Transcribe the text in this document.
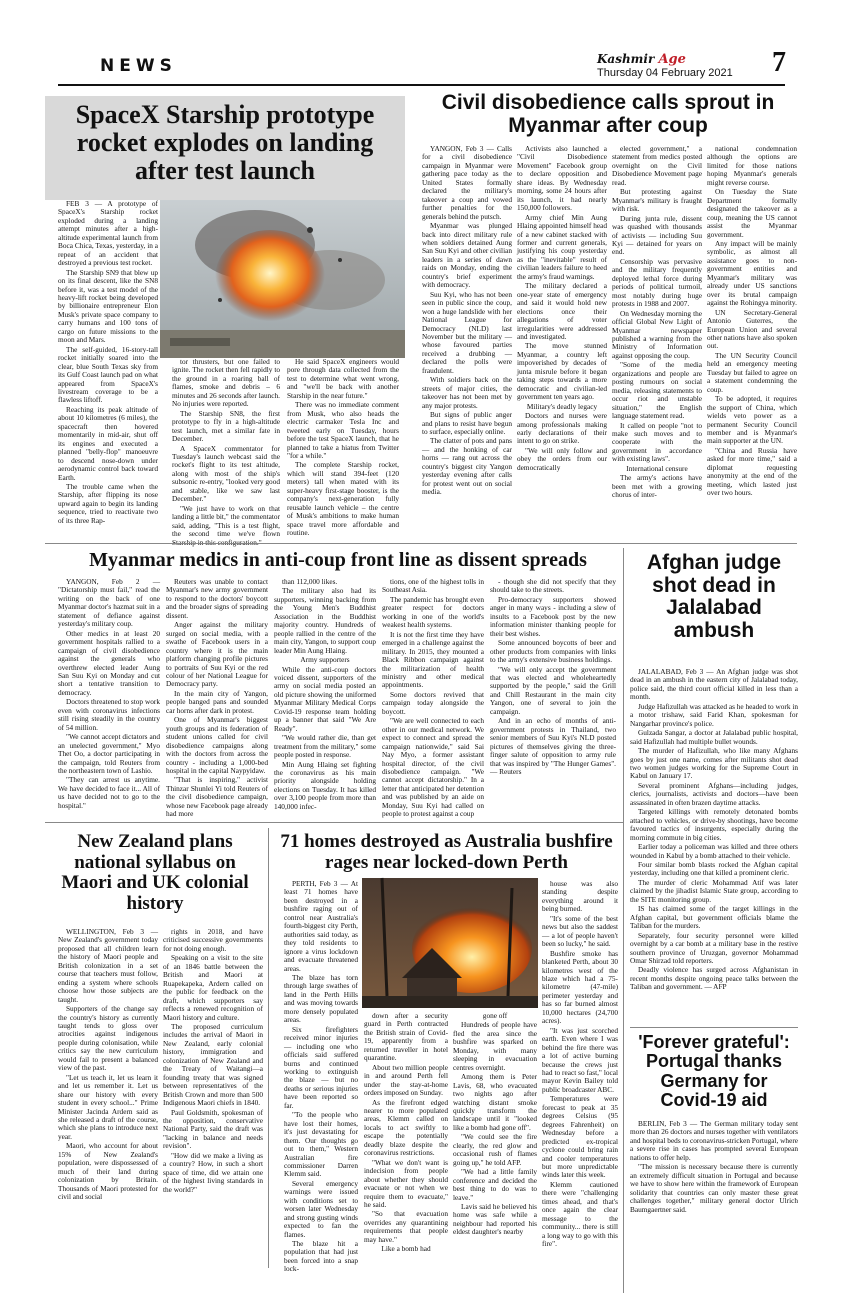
NEWS	Kashmir Age
Thursday 04 February 2021 7
SpaceX Starship prototype rocket explodes on landing after test launch

FEB 3 — A prototype of SpaceX's Starship rocket exploded during a landing attempt minutes after a high-altitude experimental launch from Boca Chica, Texas, yesterday, in a repeat of an accident that destroyed a previous test rocket.

The Starship SN9 that blew up on its final descent, like the SN8 before it, was a test model of the heavy-lift rocket being developed by billionaire entrepreneur Elon Musk's private space company to carry humans and 100 tons of cargo on future missions to the moon and Mars.

The self-guided, 16-story-tall rocket initially soared into the clear, blue South Texas sky from its Gulf Coast launch pad on what appeared from SpaceX's livestream coverage to be a flawless liftoff.

Reaching its peak altitude of about 10 kilometres (6 miles), the spacecraft then hovered momentarily in mid-air, shut off its engines and executed a planned "belly-flop" manoeuvre to descend nose-down under aerodynamic control back toward Earth.

The trouble came when the Starship, after flipping its nose upward again to begin its landing sequence, tried to reactivate two of its three Rap-

tor thrusters, but one failed to ignite. The rocket then fell rapidly to the ground in a roaring ball of flames, smoke and debris – 6 minutes and 26 seconds after launch. No injuries were reported.

The Starship SN8, the first prototype to fly in a high-altitude test launch, met a similar fate in December.

A SpaceX commentator for Tuesday's launch webcast said the rocket's flight to its test altitude, along with most of the ship's subsonic re-entry, "looked very good and stable, like we saw last December."

"We just have to work on that landing a little bit," the commentator said, adding, "This is a test flight, the second time we've flown

He said SpaceX engineers would pore through data collected from the test to determine what went wrong, and "we'll be back with another Starship in the near future."

There was no immediate comment from Musk, who also heads the electric carmaker Tesla Inc and tweeted early on Tuesday, hours before the test SpaceX launch, that he planned to take a hiatus from Twitter "for a while."

The complete Starship rocket, which will stand 394-feet (120 meters) tall when mated with its super-heavy first-stage booster, is the company's next-generation fully reusable launch vehicle – the centre of Musk's ambitions to make human space travel more affordable and routine.

Civil disobedience calls sprout in Myanmar after coup

YANGON, Feb 3 — Calls for a civil disobedience campaign in Myanmar were gathering pace today as the United States formally declared the military's takeover a coup and vowed further penalties for the generals behind the putsch.

Myanmar was plunged back into direct military rule when soldiers detained Aung San Suu Kyi and other civilian leaders in a series of dawn raids on Monday, ending the country's brief experiment with democracy.

Suu Kyi, who has not been seen in public since the coup, won a huge landslide with her National League for Democracy (NLD) last November but the military — whose favoured parties received a drubbing — declared the polls were fraudulent.

With soldiers back on the streets of major cities, the takeover has not been met by any major protests.

But signs of public anger and plans to resist have begun to surface, especially online.

The clatter of pots and pans — and the honking of car horns — rang out across the country's biggest city Yangon yesterday evening after calls for protest went out on social media.

Activists also launched a "Civil Disobedience Movement" Facebook group to declare opposition and share ideas. By Wednesday morning, some 24 hours after its launch, it had nearly 150,000 followers.

Army chief Min Aung Hlaing appointed himself head of a new cabinet stacked with former and current generals, justifying his coup yesterday as the "inevitable" result of civilian leaders failure to heed the army's fraud warnings.

The military declared a one-year state of emergency and said it would hold new elections once their allegations of voter irregularities were addressed and investigated.

The move stunned Myanmar, a country left impoverished by decades of junta misrule before it began taking steps towards a more democratic and civilian-led government ten years ago.

Military's deadly legacy

Doctors and nurses were among professionals making early declarations of their intent to go on strike.

"We will only follow and obey the orders from our democratically

elected government," a statement from medics posted overnight on the Civil Disobedience Movement page read.

But protesting against Myanmar's military is fraught with risk.

During junta rule, dissent was quashed with thousands of activists — including Suu Kyi — detained for years on end.

Censorship was pervasive and the military frequently deployed lethal force during periods of political turmoil, most notably during huge protests in 1988 and 2007.

On Wednesday morning the official Global New Light of Myanmar newspaper published a warning from the Ministry of Information against opposing the coup.

"Some of the media organizations and people are posting rumours on social media, releasing statements to occur riot and unstable situation," the English language statement read.

It called on people "not to make such moves and to cooperate with the government in accordance with existing laws".

International censure

The army's actions have been met with a growing chorus of inter-

national condemnation although the options are limited for those nations hoping Myanmar's generals might reverse course.

On Tuesday the State Department formally designated the takeover as a coup, meaning the US cannot assist the Myanmar government.

Any impact will be mainly symbolic, as almost all assistance goes to non-government entities and Myanmar's military was already under US sanctions over its brutal campaign against the Rohingya minority.

UN Secretary-General Antonio Guterres, the European Union and several other nations have also spoken out.

The UN Security Council held an emergency meeting Tuesday but failed to agree on a statement condemning the coup.

To be adopted, it requires the support of China, which wields veto power as a permanent Security Council member and is Myanmar's main supporter at the UN.

"China and Russia have asked for more time," said a diplomat requesting anonymity at the end of the meeting, which lasted just over two hours.

Myanmar medics in anti-coup front line as dissent spreads

YANGON, Feb 2 — "Dictatorship must fail," read the writing on the back of one Myanmar doctor's hazmat suit in a statement of defiance against yesterday's military coup.

Other medics in at least 20 government hospitals rallied to a campaign of civil disobedience against the generals who overthrew elected leader Aung San Suu Kyi on Monday and cut short a tentative transition to democracy.

Doctors threatened to stop work even with coronavirus infections still rising steadily in the country of 54 million.

"We cannot accept dictators and an unelected government," Myo Thet Oo, a doctor participating in the campaign, told Reuters from the northeastern town of Lashio.

"They can arrest us anytime. We have decided to face it... All of us have decided not to go to the hospital."

Reuters was unable to contact Myanmar's new army government to respond to the doctors' boycott and the broader signs of spreading dissent.

Anger against the military surged on social media, with a swathe of Facebook users in a country where it is the main platform changing profile pictures to portraits of Suu Kyi or the red colour of her National League for Democracy party.

In the main city of Yangon, people banged pans and sounded car horns after dark in protest.

One of Myanmar's biggest youth groups and its federation of student unions called for civil disobedience campaigns along with the doctors from across the country - including a 1,000-bed hospital in the capital Naypyidaw.

"That is inspiring," activist Thinzar Shunlei Yi told Reuters of the civil disobedience campaign, whose new Facebook page already had more

than 112,000 likes.

The military also had its supporters, winning backing from the Young Men's Buddhist Association in the Buddhist majority country. Hundreds of people rallied in the centre of the main city, Yangon, to support coup leader Min Aung Hlaing.

Army supporters

While the anti-coup doctors voiced dissent, supporters of the army on social media posted an old picture showing the uniformed Myanmar Military Medical Corps Covid-19 response team holding up a banner that said "We Are Ready".

"We would rather die, than get treatment from the military," some people posted in response.

Min Aung Hlaing set fighting the coronavirus as his main priority alongside holding elections on Tuesday. It has killed over 3,100 people from more than 140,000 infec-

tions, one of the highest tolls in Southeast Asia.

The pandemic has brought even greater respect for doctors working in one of the world's weakest health systems.

It is not the first time they have emerged in a challenge against the military. In 2015, they mounted a Black Ribbon campaign against the militarization of health ministry and other medical appointments.

Some doctors revived that campaign today alongside the boycott.

"We are well connected to each other in our medical network. We expect to connect and spread the campaign nationwide," said Sai Nay Myo, a former assistant hospital director, of the civil disobedience campaign. "We cannot accept dictatorship." In a letter that anticipated her detention and was published by an aide on Monday, Suu Kyi had called on people to protest against a coup

- though she did not specify that they should take to the streets.

Pro-democracy supporters showed anger in many ways - including a slew of insults to a Facebook post by the new information minister thanking people for their best wishes.

Some announced boycotts of beer and other products from companies with links to the army's extensive business holdings.

"We will only accept the government that was elected and wholeheartedly supported by the people," said the Grill and Chill Restaurant in the main city Yangon, one of several to join the campaign.

And in an echo of months of anti-government protests in Thailand, two senior members of Suu Kyi's NLD posted pictures of themselves giving the three-finger salute of opposition to army rule that was inspired by "The Hunger Games". — Reuters

Afghan judge shot dead in Jalalabad ambush

JALALABAD, Feb 3 — An Afghan judge was shot dead in an ambush in the eastern city of Jalalabad today, police said, the third court official killed in less than a month.

Judge Hafizullah was attacked as he headed to work in a motor trishaw, said Farid Khan, spokesman for Nangarhar province's police.

Gulzada Sangar, a doctor at Jalalabad public hospital, said Hafizullah had multiple bullet wounds.

The murder of Hafizullah, who like many Afghans goes by just one name, comes after militants shot dead two women judges working for the Supreme Court in Kabul on January 17.

Several prominent Afghans—including judges, clerics, journalists, activists and doctors—have been assassinated in often brazen daytime attacks.

Targeted killings with remotely detonated bombs attached to vehicles, or drive-by shootings, have become favoured tactics of insurgents, especially during the morning commute in big cities.

Earlier today a policeman was killed and three others wounded in Kabul by a bomb attached to their vehicle.

Four similar bomb blasts rocked the Afghan capital yesterday, including one that killed a prominent cleric.

The murder of cleric Mohammad Atif was later claimed by the jihadist Islamic State group, according to the SITE monitoring group.

IS has claimed some of the target killings in the Afghan capital, but government officials blame the Taliban for the murders.

Separately, four security personnel were killed overnight by a car bomb at a military base in the restive southern province of Uruzgan, governor Mohammad Omar Shirzad told reporters.

Deadly violence has surged across Afghanistan in recent months despite ongoing peace talks between the Taliban and government. — AFP

'Forever grateful': Portugal thanks Germany for Covid-19 aid

BERLIN, Feb 3 — The German military today sent more than 26 doctors and nurses together with ventilators and hospital beds to coronavirus-stricken Portugal, where a severe rise in cases has prompted several European nations to offer help.

"The mission is necessary because there is currently an extremely difficult situation in Portugal and because we have to show here within the framework of European solidarity that countries can only master these great challenges together," military general doctor Ulrich Baumgaertner said.

New Zealand plans national syllabus on Maori and UK colonial history

WELLINGTON, Feb 3 — New Zealand's government today proposed that all children learn the history of Maori people and British colonization in a set course that teachers must follow, ending a system where schools choose how those subjects are taught.

Supporters of the change say the country's history as currently taught tends to gloss over atrocities against indigenous people during colonisation, while critics say the new curriculum would fail to present a balanced view of the past.

"Let us teach it, let us learn it and let us remember it. Let us share our history with every student in every school..." Prime Minister Jacinda Ardern said as she released a draft of the course, which she plans to introduce next year.

Maori, who account for about 15% of New Zealand's population, were dispossessed of much of their land during colonization by Britain. Thousands of Maori protested for civil and social

rights in 2018, and have criticised successive governments for not doing enough.

Speaking on a visit to the site of an 1846 battle between the British and Maori at Ruapekapeka, Ardern called on the public for feedback on the draft, which supporters say reflects a renewed recognition of Maori history and culture.

The proposed curriculum includes the arrival of Maori in New Zealand, early colonial history, immigration and colonization of New Zealand and the Treaty of Waitangi—a founding treaty that was signed between representatives of the British Crown and more than 500 Indigenous Maori chiefs in 1840.

Paul Goldsmith, spokesman of the opposition, conservative National Party, said the draft was "lacking in balance and needs revision".

"How did we make a living as a country? How, in such a short space of time, did we attain one of the highest living standards in the world?"

71 homes destroyed as Australia bushfire rages near locked-down Perth

PERTH, Feb 3 — At least 71 homes have been destroyed in a bushfire raging out of control near Australia's fourth-biggest city Perth, authorities said today, as they told residents to ignore a virus lockdown and evacuate threatened areas.

The blaze has torn through large swathes of land in the Perth Hills and was moving towards more densely populated areas.

Six firefighters received minor injuries — including one who officials said suffered burns and continued working to extinguish the blaze — but no deaths or serious injuries have been reported so far.

"To the people who have lost their homes, it's just devastating for them. Our thoughts go out to them," Western Australian fire commissioner Darren Klemm said.

Several emergency warnings were issued with conditions set to worsen later Wednesday and strong gusting winds expected to fan the flames.

The blaze hit a population that had just been forced into a snap lock-

down after a security guard in Perth contracted the British strain of Covid-19, apparently from a returned traveller in hotel quarantine.

About two million people in and around Perth fell under the stay-at-home orders imposed on Sunday.

As the firefront edged nearer to more populated areas, Klemm called on locals to act swiftly to escape the potentially deadly blaze despite the coronavirus restrictions.

"What we don't want is indecision from people about whether they should evacuate or not when we require them to evacuate," he said.

"So that evacuation overrides any quarantining requirements that people may have."

Like a bomb had

gone off

Hundreds of people have fled the area since the bushfire was sparked on Monday, with many sleeping in evacuation centres overnight.

Among them is Peter Lavis, 68, who evacuated two nights ago after watching distant smoke quickly transform the landscape until it "looked like a bomb had gone off".

"We could see the fire clearly, the red glow and occasional rush of flames going up," he told AFP.

"We had a little family conference and decided the best thing to do was to leave."

Lavis said he believed his home was safe while a neighbour had reported his eldest daughter's nearby

house was also standing despite everything around it being burned.

"It's some of the best news but also the saddest — a lot of people haven't been so lucky," he said.

Bushfire smoke has blanketed Perth, about 30 kilometres west of the blaze which had a 75-kilometre (47-mile) perimeter yesterday and has so far burned almost 10,000 hectares (24,700 acres).

"It was just scorched earth. Even where I was behind the fire there was a lot of active burning because the crews just had to react so fast," local mayor Kevin Bailey told public broadcaster ABC.

Temperatures were forecast to peak at 35 degrees Celsius (95 degrees Fahrenheit) on Wednesday before a predicted ex-tropical cyclone could bring rain and cooler temperatures but more unpredictable winds later this week.

Klemm cautioned there were "challenging times ahead, and that's once again the clear message to the community... there is still a long way to go with this fire".
